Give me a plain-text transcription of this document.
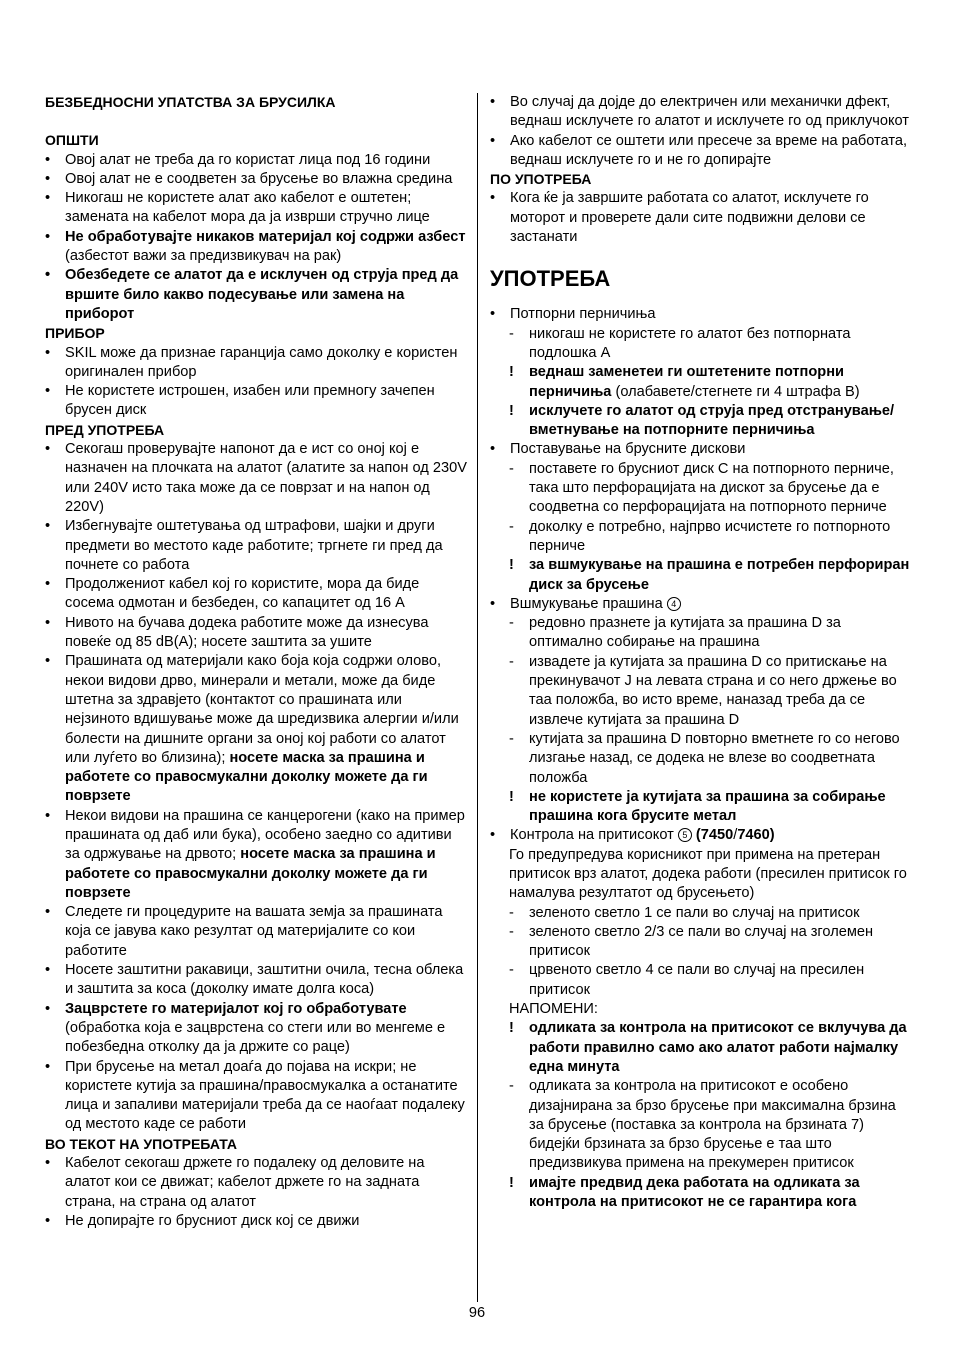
БЕЗБЕДНОСНИ УПАТСТВА ЗА БРУСИЛКА
ОПШТИ
• Овој алат не треба да го користат лица под 16 години
• Овој алат не е соодветен за брусење во влажна средина
• Никогаш не користете алат ако кабелот е оштетен; замената на кабелот мора да ја изврши стручно лице
• Не обработувајте никаков материјал кој содржи азбест (азбестот важи за предизвикувач на рак)
• Обезбедете се алатот да е исклучен од струја пред да вршите било какво подесување или замена на приборот
ПРИБОР
• SKIL може да признае гаранција само доколку е користен оригинален прибор
• Не користете истрошен, изабен или премногу зачепен брусен диск
ПРЕД УПОТРЕБА
• Секогаш проверувајте напонот да е ист со оној кој е назначен на плочката на алатот (алатите за напон од 230V или 240V исто така може да се поврзат и на напон од 220V)
• Избегнувајте оштетувања од штрафови, шајки и други предмети во местото каде работите; тргнете ги пред да почнете со работа
• Продолжениот кабел кој го користите, мора да биде сосема одмотан и безбеден, со капацитет од 16 A
• Нивото на бучава додека работите може да изнесува повеќе од 85 dB(A); носете заштита за ушите
• Прашината од материјали како боја која содржи олово, некои видови дрво, минерали и метали, може да биде штетна за здравјето (контактот со прашината или нејзиното вдишување може да шредизвика алергии и/или болести на дишните органи за оној кој работи со алатот или луѓето во близина); носете маска за прашина и работете со правосмукални доколку можете да ги поврзете
• Некои видови на прашина се канцерогени (како на пример прашината од даб или бука), особено заедно со адитиви за одржување на дрвото; носете маска за прашина и работете со правосмукални доколку можете да ги поврзете
• Следете ги процедурите на вашата земја за прашината која се јавува како резултат од материјалите со кои работите
• Носете заштитни ракавици, заштитни очила, тесна облека и заштита за коса (доколку имате долга коса)
• Зацврстете го материјалот кој го обработувате (обработка која е зацврстена со стеги или во менгеме е побезбедна отколку да ја држите со раце)
• При брусење на метал доаѓа до појава на искри; не користете кутија за прашина/правосмукалка а останатите лица и запаливи материјали треба да се наоѓаат подалеку од местото каде се работи
ВО ТЕКОТ НА УПОТРЕБАТА
• Кабелот секогаш држете го подалеку од деловите на алатот кои се движат; кабелот држете го на задната страна, на страна од алатот
• Не допирајте го брусниот диск кој се движи
• Во случај да дојде до електричен или механички дфект, веднаш исклучете го алатот и исклучете го од приклучокот
• Ако кабелот се оштети или пресече за време на работата, веднаш исклучете го и не го допирајте
ПО УПОТРЕБА
• Кога ќе ја завршите работата со алатот, исклучете го моторот и проверете дали сите подвижни делови се застанати
УПОТРЕБА
• Потпорни перничиња
- никогаш не користете го алатот без потпорната подлошка A
! веднаш заменетеи ги оштетените потпорни перничиња (олабавете/стегнете ги 4 штрафа B)
! исклучете го алатот од струја пред отстранување/вметнување на потпорните перничиња
• Поставување на брусните дискови
- поставете го брусниот диск C на потпорното перниче, така што перфорацијата на дискот за брусење да е соодветна со перфорацијата на потпорното перниче
- доколку е потребно, најпрво исчистете го потпорното перниче
! за вшмукување на прашина е потребен перфориран диск за брусење
• Вшмукување прашина 4
- редовно празнете ја кутијата за прашина D за оптимално собирање на прашина
- извадете ја кутијата за прашина D со притискање на прекинувачот J на левата страна и со него држење во таа положба, во исто време, наназад треба да се извлече кутијата за прашина D
- кутијата за прашина D повторно вметнете го со негово лизгање назад, се додека не влезе во соодветната положба
! не користете ја кутијата за прашина за собирање прашина кога брусите метал
• Контрола на притисокот 5 (7450/7460)
Го предупредува корисникот при примена на претеран притисок врз алатот, додека работи (пресилен притисок го намалува резултатот од брусењето)
- зеленото светло 1 се пали во случај на притисок
- зеленото светло 2/3 се пали во случај на зголемен притисок
- црвеното светло 4 се пали во случај на пресилен притисок
НАПОМЕНИ:
! одликата за контрола на притисокот се вклучува да работи правилно само ако алатот работи најмалку една минута
- одликата за контрола на притисокот е особено дизајнирана за брзо брусење при максимална брзина за брусење (поставка за контрола на брзината 7) бидејќи брзината за брзо брусење е таа што предизвикува примена на прекумерен притисок
! имајте предвид дека работата на одликата за контрола на притисокот не се гарантира кога
96
